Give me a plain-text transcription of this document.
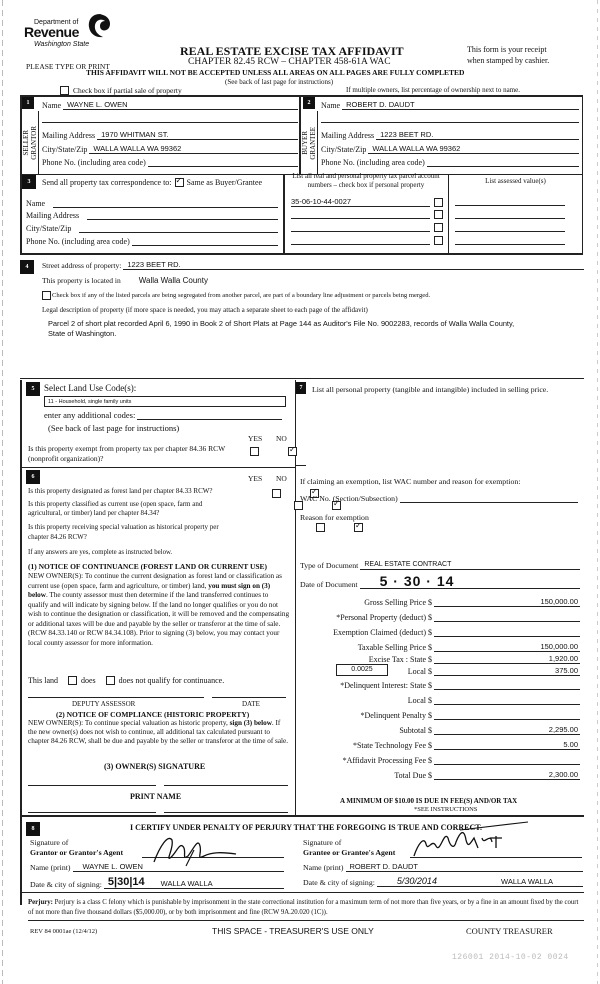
Department of
Revenue
Washington State
PLEASE TYPE OR PRINT
REAL ESTATE EXCISE TAX AFFIDAVIT
CHAPTER 82.45 RCW – CHAPTER 458-61A WAC
THIS AFFIDAVIT WILL NOT BE ACCEPTED UNLESS ALL AREAS ON ALL PAGES ARE FULLY COMPLETED
(See back of last page for instructions)
This form is your receipt
when stamped by cashier.
Check box if partial sale of property	If multiple owners, list percentage of ownership next to name.
1
SELLER GRANTOR
Name WAYNE L. OWEN
Mailing Address 1970 WHITMAN ST.
City/State/Zip WALLA WALLA WA 99362
Phone No. (including area code)
2
BUYER GRANTEE
Name ROBERT D. DAUDT
Mailing Address 1223 BEET RD.
City/State/Zip WALLA WALLA WA 99362
Phone No. (including area code)
3	Send all property tax correspondence to: ✓ Same as Buyer/Grantee
Name
Mailing Address
City/State/Zip
Phone No. (including area code)
List all real and personal property tax parcel account numbers – check box if personal property	List assessed value(s)
35-06-10-44-0027
4	Street address of property: 1223 BEET RD.
This property is located in Walla Walla County
Check box if any of the listed parcels are being segregated from another parcel, are part of a boundary line adjustment or parcels being merged.
Legal description of property (if more space is needed, you may attach a separate sheet to each page of the affidavit)
Parcel 2 of short plat recorded April 6, 1990 in Book 2 of Short Plats at Page 144 as Auditor's File No. 9002283, records of Walla Walla County, State of Washington.
5	Select Land Use Code(s):
11 - Household, single family units
enter any additional codes:
(See back of last page for instructions)
YES NO
Is this property exempt from property tax per chapter 84.36 RCW (nonprofit organization)?
✓
6	YES NO
Is this property designated as forest land per chapter 84.33 RCW?
✓
Is this property classified as current use (open space, farm and agricultural, or timber) land per chapter 84.34?
✓
Is this property receiving special valuation as historical property per chapter 84.26 RCW?
✓
If any answers are yes, complete as instructed below.
(1) NOTICE OF CONTINUANCE (FOREST LAND OR CURRENT USE)
NEW OWNER(S): To continue the current designation as forest land or classification as current use (open space, farm and agriculture, or timber) land, you must sign on (3) below. The county assessor must then determine if the land transferred continues to qualify and will indicate by signing below. If the land no longer qualifies or you do not wish to continue the designation or classification, it will be removed and the compensating or additional taxes will be due and payable by the seller or transferor at the time of sale. (RCW 84.33.140 or RCW 84.34.108). Prior to signing (3) below, you may contact your local county assessor for more information.
This land	does	does not qualify for continuance.
DEPUTY ASSESSOR	DATE
(2) NOTICE OF COMPLIANCE (HISTORIC PROPERTY)
NEW OWNER(S): To continue special valuation as historic property, sign (3) below. If the new owner(s) does not wish to continue, all additional tax calculated pursuant to chapter 84.26 RCW, shall be due and payable by the seller or transferor at the time of sale.
(3) OWNER(S) SIGNATURE
PRINT NAME
7	List all personal property (tangible and intangible) included in selling price.
If claiming an exemption, list WAC number and reason for exemption:
WAC No. (Section/Subsection)
Reason for exemption
Type of Document REAL ESTATE CONTRACT
Date of Document	5 · 30 · 14
Gross Selling Price $	150,000.00
*Personal Property (deduct) $
Exemption Claimed (deduct) $
Taxable Selling Price $	150,000.00
Excise Tax : State $	1,920.00
0.0025	Local $	375.00
*Delinquent Interest: State $
Local $
*Delinquent Penalty $
Subtotal $	2,295.00
*State Technology Fee $	5.00
*Affidavit Processing Fee $
Total Due $	2,300.00
A MINIMUM OF $10.00 IS DUE IN FEE(S) AND/OR TAX
*SEE INSTRUCTIONS
8	I CERTIFY UNDER PENALTY OF PERJURY THAT THE FOREGOING IS TRUE AND CORRECT.
Signature of
Grantor or Grantor's Agent
Name (print)	WAYNE L. OWEN
Date & city of signing: 5|30|14 WALLA WALLA
Signature of
Grantee or Grantee's Agent
Name (print) ROBERT D. DAUDT
Date & city of signing: 5/30/2014	WALLA WALLA
Perjury: Perjury is a class C felony which is punishable by imprisonment in the state correctional institution for a maximum term of not more than five years, or by a fine in an amount fixed by the court of not more than five thousand dollars ($5,000.00), or by both imprisonment and fine (RCW 9A.20.020 (1C)).
REV 84 0001ae (12/4/12)	THIS SPACE - TREASURER'S USE ONLY	COUNTY TREASURER
126001 2014-10-02 0024
